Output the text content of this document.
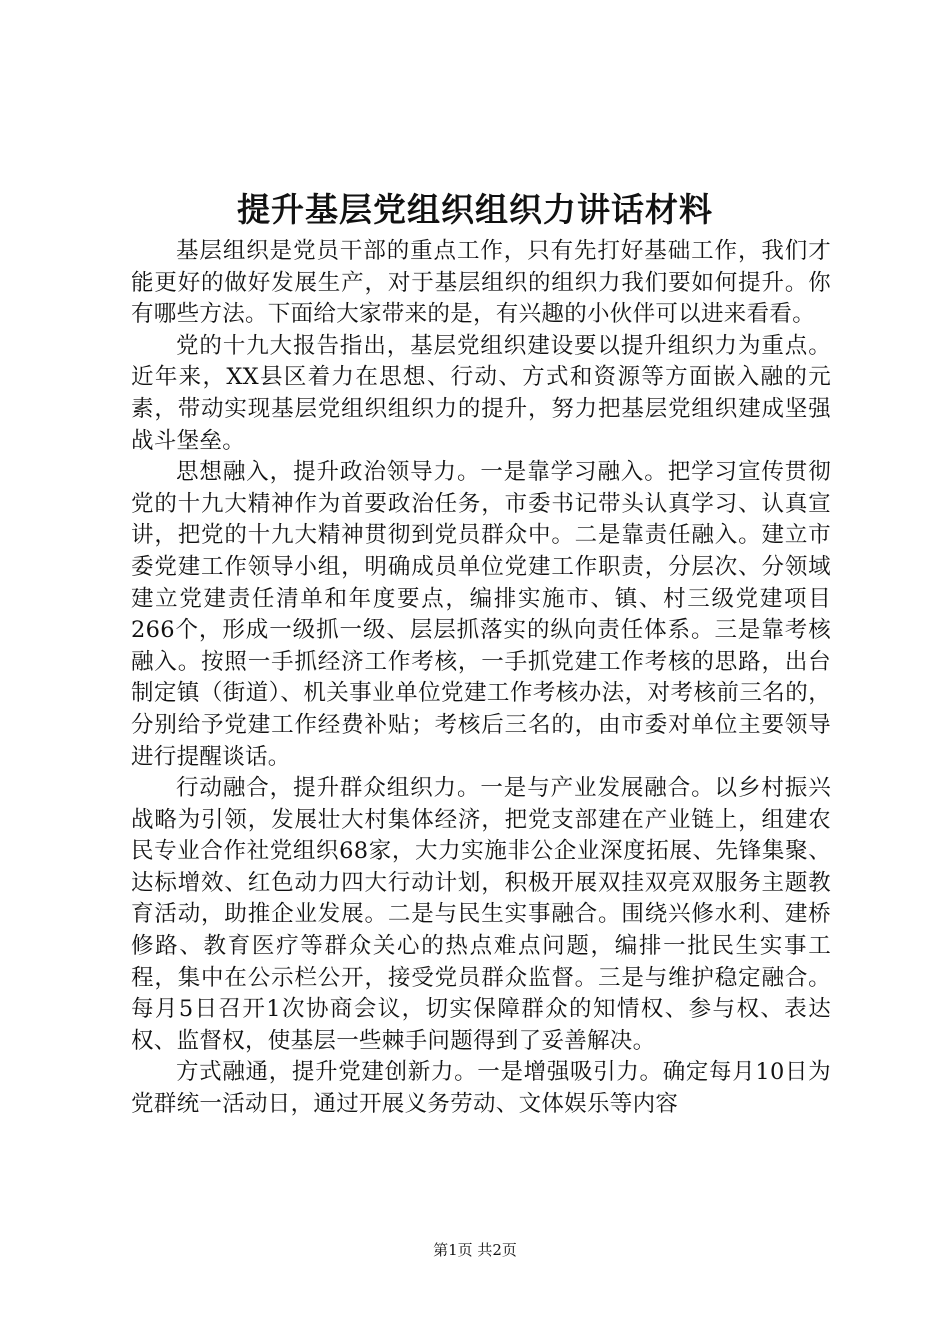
提升基层党组织组织力讲话材料

基层组织是党员干部的重点工作，只有先打好基础工作，我们才能更好的做好发展生产，对于基层组织的组织力我们要如何提升。你有哪些方法。下面给大家带来的是，有兴趣的小伙伴可以进来看看。

党的十九大报告指出，基层党组织建设要以提升组织力为重点。近年来，XX县区着力在思想、行动、方式和资源等方面嵌入融的元素，带动实现基层党组织组织力的提升，努力把基层党组织建成坚强战斗堡垒。

思想融入，提升政治领导力。一是靠学习融入。把学习宣传贯彻党的十九大精神作为首要政治任务，市委书记带头认真学习、认真宣讲，把党的十九大精神贯彻到党员群众中。二是靠责任融入。建立市委党建工作领导小组，明确成员单位党建工作职责，分层次、分领域建立党建责任清单和年度要点，编排实施市、镇、村三级党建项目266个，形成一级抓一级、层层抓落实的纵向责任体系。三是靠考核融入。按照一手抓经济工作考核，一手抓党建工作考核的思路，出台制定镇（街道）、机关事业单位党建工作考核办法，对考核前三名的，分别给予党建工作经费补贴；考核后三名的，由市委对单位主要领导进行提醒谈话。

行动融合，提升群众组织力。一是与产业发展融合。以乡村振兴战略为引领，发展壮大村集体经济，把党支部建在产业链上，组建农民专业合作社党组织68家，大力实施非公企业深度拓展、先锋集聚、达标增效、红色动力四大行动计划，积极开展双挂双亮双服务主题教育活动，助推企业发展。二是与民生实事融合。围绕兴修水利、建桥修路、教育医疗等群众关心的热点难点问题，编排一批民生实事工程，集中在公示栏公开，接受党员群众监督。三是与维护稳定融合。每月5日召开1次协商会议，切实保障群众的知情权、参与权、表达权、监督权，使基层一些棘手问题得到了妥善解决。

方式融通，提升党建创新力。一是增强吸引力。确定每月10日为党群统一活动日，通过开展义务劳动、文体娱乐等内容

第1页 共2页
